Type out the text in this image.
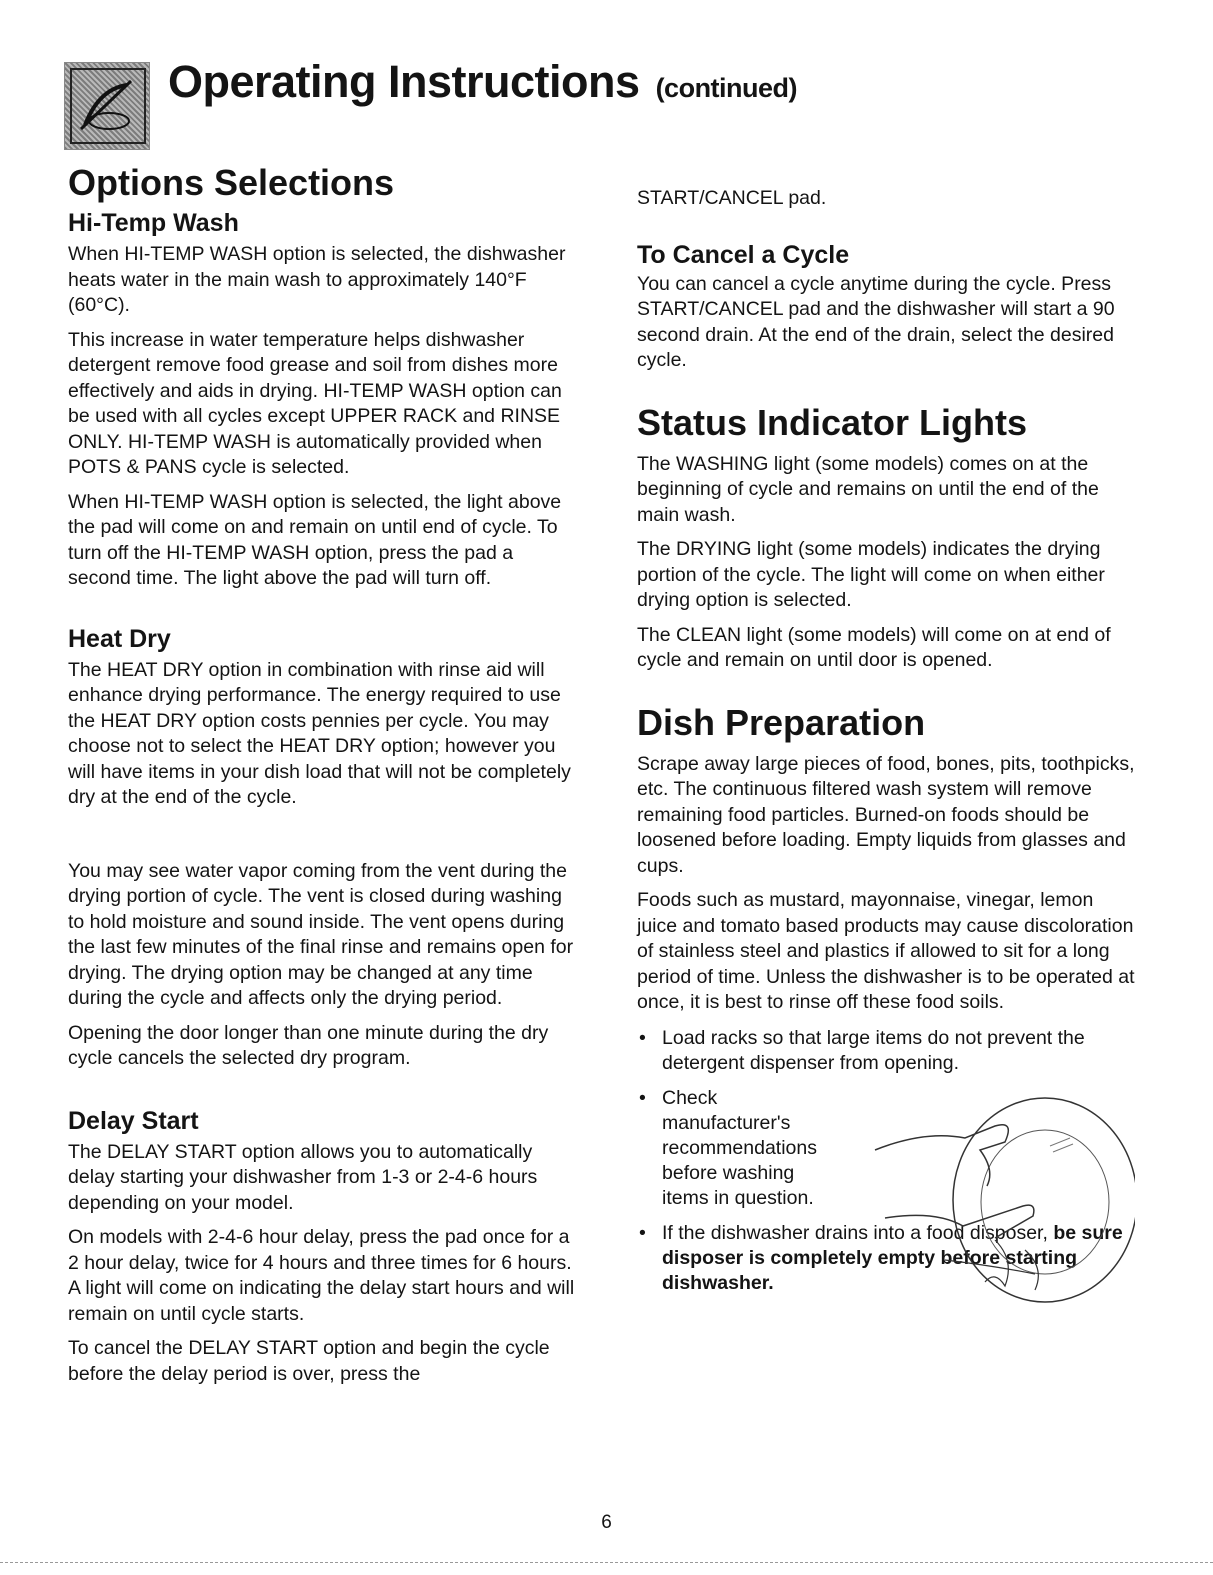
Operating Instructions (continued)
Options Selections
Hi-Temp Wash

When HI-TEMP WASH option is selected, the dishwasher heats water in the main wash to approximately 140°F (60°C).

This increase in water temperature helps dishwasher detergent remove food grease and soil from dishes more effectively and aids in drying. HI-TEMP WASH option can be used with all cycles except UPPER RACK and RINSE ONLY. HI-TEMP WASH is automatically provided when POTS & PANS cycle is selected.

When HI-TEMP WASH option is selected, the light above the pad will come on and remain on until end of cycle. To turn off the HI-TEMP WASH option, press the pad a second time. The light above the pad will turn off.

Heat Dry

The HEAT DRY option in combination with rinse aid will enhance drying performance. The energy required to use the HEAT DRY option costs pennies per cycle. You may choose not to select the HEAT DRY option; however you will have items in your dish load that will not be completely dry at the end of the cycle.

You may see water vapor coming from the vent during the drying portion of cycle. The vent is closed during washing to hold moisture and sound inside. The vent opens during the last few minutes of the final rinse and remains open for drying. The drying option may be changed at any time during the cycle and affects only the drying period.

Opening the door longer than one minute during the dry cycle cancels the selected dry program.

Delay Start

The DELAY START option allows you to automatically delay starting your dishwasher from 1-3 or 2-4-6 hours depending on your model.

On models with 2-4-6 hour delay, press the pad once for a 2 hour delay, twice for 4 hours and three times for 6 hours. A light will come on indicating the delay start hours and will remain on until cycle starts.

To cancel the DELAY START option and begin the cycle before the delay period is over, press the

START/CANCEL pad.

To Cancel a Cycle

You can cancel a cycle anytime during the cycle. Press START/CANCEL pad and the dishwasher will start a 90 second drain. At the end of the drain, select the desired cycle.

Status Indicator Lights

The WASHING light (some models) comes on at the beginning of cycle and remains on until the end of the main wash.

The DRYING light (some models) indicates the drying portion of the cycle. The light will come on when either drying option is selected.

The CLEAN light (some models) will come on at end of cycle and remain on until door is opened.

Dish Preparation

Scrape away large pieces of food, bones, pits, toothpicks, etc. The continuous filtered wash system will remove remaining food particles. Burned-on foods should be loosened before loading. Empty liquids from glasses and cups.

Foods such as mustard, mayonnaise, vinegar, lemon juice and tomato based products may cause discoloration of stainless steel and plastics if allowed to sit for a long period of time. Unless the dishwasher is to be operated at once, it is best to rinse off these food soils.

• Load racks so that large items do not prevent the detergent dispenser from opening.
• Check manufacturer's recommendations before washing items in question.
• If the dishwasher drains into a food disposer, be sure disposer is completely empty before starting dishwasher.
6
